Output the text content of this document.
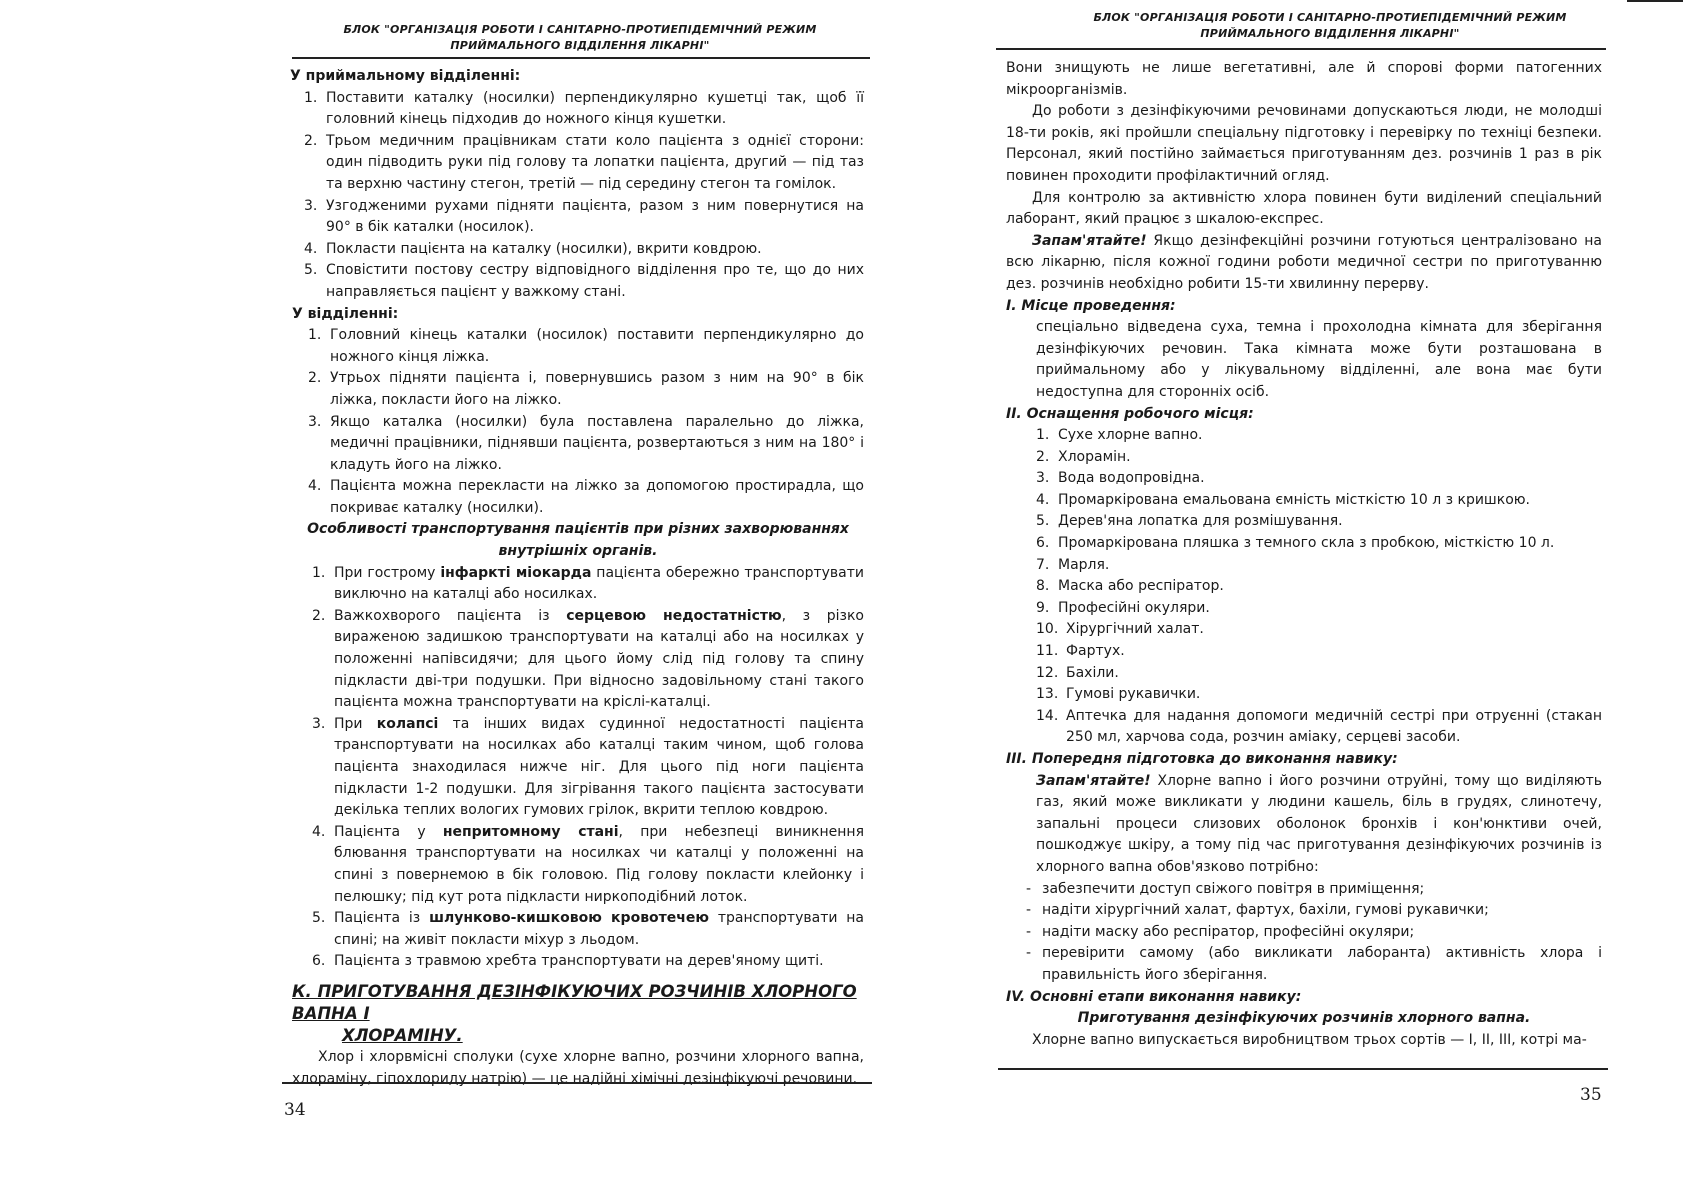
БЛОК "ОРГАНІЗАЦІЯ РОБОТИ І САНІТАРНО-ПРОТИЕПІДЕМІЧНИЙ РЕЖИМ
ПРИЙМАЛЬНОГО ВІДДІЛЕННЯ ЛІКАРНІ"

У приймальному відділенні:

1. Поставити каталку (носилки) перпендикулярно кушетці так, щоб її головний кінець підходив до ножного кінця кушетки.
2. Трьом медичним працівникам стати коло пацієнта з однієї сторони: один підводить руки під голову та лопатки пацієнта, другий — під таз та верхню частину стегон, третій — під середину стегон та гомілок.
3. Узгодженими рухами підняти пацієнта, разом з ним повернутися на 90° в бік каталки (носилок).
4. Покласти пацієнта на каталку (носилки), вкрити ковдрою.
5. Сповістити постову сестру відповідного відділення про те, що до них направляється пацієнт у важкому стані.

У відділенні:

1. Головний кінець каталки (носилок) поставити перпендикулярно до ножного кінця ліжка.
2. Утрьох підняти пацієнта і, повернувшись разом з ним на 90° в бік ліжка, покласти його на ліжко.
3. Якщо каталка (носилки) була поставлена паралельно до ліжка, медичні працівники, піднявши пацієнта, розвертаються з ним на 180° і кладуть його на ліжко.
4. Пацієнта можна перекласти на ліжко за допомогою простирадла, що покриває каталку (носилки).

Особливості транспортування пацієнтів при різних захворюваннях

внутрішніх органів.

1. При гострому інфаркті міокарда пацієнта обережно транспортувати виключно на каталці або носилках.
2. Важкохворого пацієнта із серцевою недостатністю, з різко вираженою задишкою транспортувати на каталці або на носилках у положенні напівсидячи; для цього йому слід під голову та спину підкласти дві-три подушки. При відносно задовільному стані такого пацієнта можна транспортувати на кріслі-каталці.
3. При колапсі та інших видах судинної недостатності пацієнта транспортувати на носилках або каталці таким чином, щоб голова пацієнта знаходилася нижче ніг. Для цього під ноги пацієнта підкласти 1-2 подушки. Для зігрівання такого пацієнта застосувати декілька теплих вологих гумових грілок, вкрити теплою ковдрою.
4. Пацієнта у непритомному стані, при небезпеці виникнення блювання транспортувати на носилках чи каталці у положенні на спині з повернемою в бік головою. Під голову покласти клейонку і пелюшку; під кут рота підкласти ниркоподібний лоток.
5. Пацієнта із шлунково-кишковою кровотечею транспортувати на спині; на живіт покласти міхур з льодом.
6. Пацієнта з травмою хребта транспортувати на дерев'яному щиті.

К. ПРИГОТУВАННЯ ДЕЗІНФІКУЮЧИХ РОЗЧИНІВ ХЛОРНОГО ВАПНА І

ХЛОРАМІНУ.

Хлор і хлорвмісні сполуки (сухе хлорне вапно, розчини хлорного вапна, хлораміну, гіпохлориду натрію) — це надійні хімічні дезінфікуючі речовини.

34
БЛОК "ОРГАНІЗАЦІЯ РОБОТИ І САНІТАРНО-ПРОТИЕПІДЕМІЧНИЙ РЕЖИМ
ПРИЙМАЛЬНОГО ВІДДІЛЕННЯ ЛІКАРНІ"

Вони знищують не лише вегетативні, але й спорові форми патогенних мікроорганізмів.

До роботи з дезінфікуючими речовинами допускаються люди, не молодші 18-ти років, які пройшли спеціальну підготовку і перевірку по техніці безпеки. Персонал, який постійно займається приготуванням дез. розчинів 1 раз в рік повинен проходити профілактичний огляд.

Для контролю за активністю хлора повинен бути виділений спеціальний лаборант, який працює з шкалою-експрес.

Запам'ятайте! Якщо дезінфекційні розчини готуються централізовано на всю лікарню, після кожної години роботи медичної сестри по приготуванню дез. розчинів необхідно робити 15-ти хвилинну перерву.

І. Місце проведення:

спеціально відведена суха, темна і прохолодна кімната для зберігання дезінфікуючих речовин. Така кімната може бути розташована в приймальному або у лікувальному відділенні, але вона має бути недоступна для сторонніх осіб.

ІІ. Оснащення робочого місця:

1. Сухе хлорне вапно.
2. Хлорамін.
3. Вода водопровідна.
4. Промаркірована емальована ємність місткістю 10 л з кришкою.
5. Дерев'яна лопатка для розмішування.
6. Промаркірована пляшка з темного скла з пробкою, місткістю 10 л.
7. Марля.
8. Маска або респіратор.
9. Професійні окуляри.
10. Хірургічний халат.
11. Фартух.
12. Бахіли.
13. Гумові рукавички.
14. Аптечка для надання допомоги медичній сестрі при отруєнні (стакан 250 мл, харчова сода, розчин аміаку, серцеві засоби.

ІІІ. Попередня підготовка до виконання навику:

Запам'ятайте! Хлорне вапно і його розчини отруйні, тому що виділяють газ, який може викликати у людини кашель, біль в грудях, слинотечу, запальні процеси слизових оболонок бронхів і кон'юнктиви очей, пошкоджує шкіру, а тому під час приготування дезінфікуючих розчинів із хлорного вапна обов'язково потрібно:

- забезпечити доступ свіжого повітря в приміщення;
- надіти хірургічний халат, фартух, бахіли, гумові рукавички;
- надіти маску або респіратор, професійні окуляри;
- перевірити самому (або викликати лаборанта) активність хлора і правильність його зберігання.

ІV. Основні етапи виконання навику:

Приготування дезінфікуючих розчинів хлорного вапна.

Хлорне вапно випускається виробництвом трьох сортів — I, II, III, котрі ма-

35
